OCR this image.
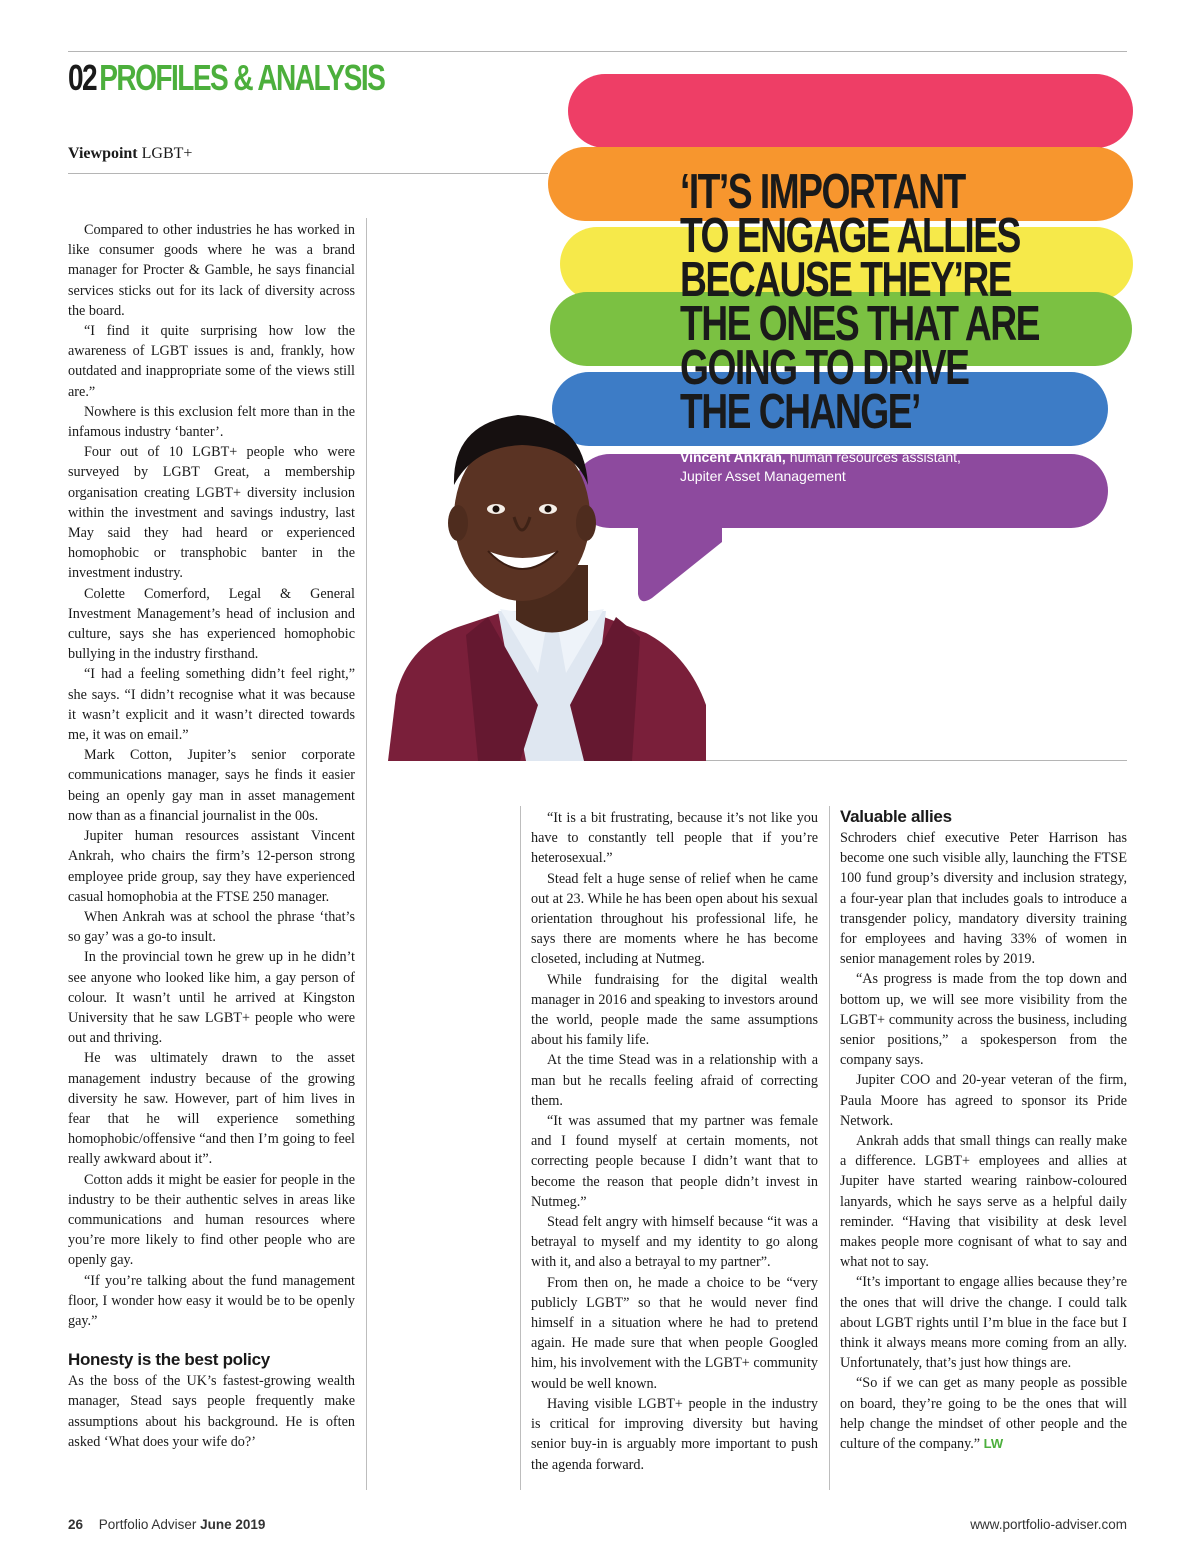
02PROFILES & ANALYSIS
Viewpoint LGBT+
‘IT’S IMPORTANT
TO ENGAGE ALLIES
BECAUSE THEY’RE
THE ONES THAT ARE
GOING TO DRIVE
THE CHANGE’
Vincent Ankrah, human resources assistant,
Jupiter Asset Management

Compared to other industries he has worked in like consumer goods where he was a brand manager for Procter & Gamble, he says financial services sticks out for its lack of diversity across the board.

“I find it quite surprising how low the awareness of LGBT issues is and, frankly, how outdated and inappropriate some of the views still are.”

Nowhere is this exclusion felt more than in the infamous industry ‘banter’.

Four out of 10 LGBT+ people who were surveyed by LGBT Great, a membership organisation creating LGBT+ diversity inclusion within the investment and savings industry, last May said they had heard or experienced homophobic or transphobic banter in the investment industry.

Colette Comerford, Legal & General Investment Management’s head of inclusion and culture, says she has experienced homophobic bullying in the industry firsthand.

“I had a feeling something didn’t feel right,” she says. “I didn’t recognise what it was because it wasn’t explicit and it wasn’t directed towards me, it was on email.”

Mark Cotton, Jupiter’s senior corporate communications manager, says he finds it easier being an openly gay man in asset management now than as a financial journalist in the 00s.

Jupiter human resources assistant Vincent Ankrah, who chairs the firm’s 12-person strong employee pride group, say they have experienced casual homophobia at the FTSE 250 manager.

When Ankrah was at school the phrase ‘that’s so gay’ was a go-to insult.

In the provincial town he grew up in he didn’t see anyone who looked like him, a gay person of colour. It wasn’t until he arrived at Kingston University that he saw LGBT+ people who were out and thriving.

He was ultimately drawn to the asset management industry because of the growing diversity he saw. However, part of him lives in fear that he will experience something homophobic/offensive “and then I’m going to feel really awkward about it”.

Cotton adds it might be easier for people in the industry to be their authentic selves in areas like communications and human resources where you’re more likely to find other people who are openly gay.

“If you’re talking about the fund management floor, I wonder how easy it would be to be openly gay.”

Honesty is the best policy

As the boss of the UK’s fastest-growing wealth manager, Stead says people frequently make assumptions about his background. He is often asked ‘What does your wife do?’

“It is a bit frustrating, because it’s not like you have to constantly tell people that if you’re heterosexual.”

Stead felt a huge sense of relief when he came out at 23. While he has been open about his sexual orientation throughout his professional life, he says there are moments where he has become closeted, including at Nutmeg.

While fundraising for the digital wealth manager in 2016 and speaking to investors around the world, people made the same assumptions about his family life.

At the time Stead was in a relationship with a man but he recalls feeling afraid of correcting them.

“It was assumed that my partner was female and I found myself at certain moments, not correcting people because I didn’t want that to become the reason that people didn’t invest in Nutmeg.”

Stead felt angry with himself because “it was a betrayal to myself and my identity to go along with it, and also a betrayal to my partner”.

From then on, he made a choice to be “very publicly LGBT” so that he would never find himself in a situation where he had to pretend again. He made sure that when people Googled him, his involvement with the LGBT+ community would be well known.

Having visible LGBT+ people in the industry is critical for improving diversity but having senior buy-in is arguably more important to push the agenda forward.

Valuable allies

Schroders chief executive Peter Harrison has become one such visible ally, launching the FTSE 100 fund group’s diversity and inclusion strategy, a four-year plan that includes goals to introduce a transgender policy, mandatory diversity training for employees and having 33% of women in senior management roles by 2019.

“As progress is made from the top down and bottom up, we will see more visibility from the LGBT+ community across the business, including senior positions,” a spokesperson from the company says.

Jupiter COO and 20-year veteran of the firm, Paula Moore has agreed to sponsor its Pride Network.

Ankrah adds that small things can really make a difference. LGBT+ employees and allies at Jupiter have started wearing rainbow-coloured lanyards, which he says serve as a helpful daily reminder. “Having that visibility at desk level makes people more cognisant of what to say and what not to say.

“It’s important to engage allies because they’re the ones that will drive the change. I could talk about LGBT rights until I’m blue in the face but I think it always means more coming from an ally. Unfortunately, that’s just how things are.

“So if we can get as many people as possible on board, they’re going to be the ones that will help change the mindset of other people and the culture of the company.” LW

26 Portfolio Adviser June 2019	www.portfolio-adviser.com
